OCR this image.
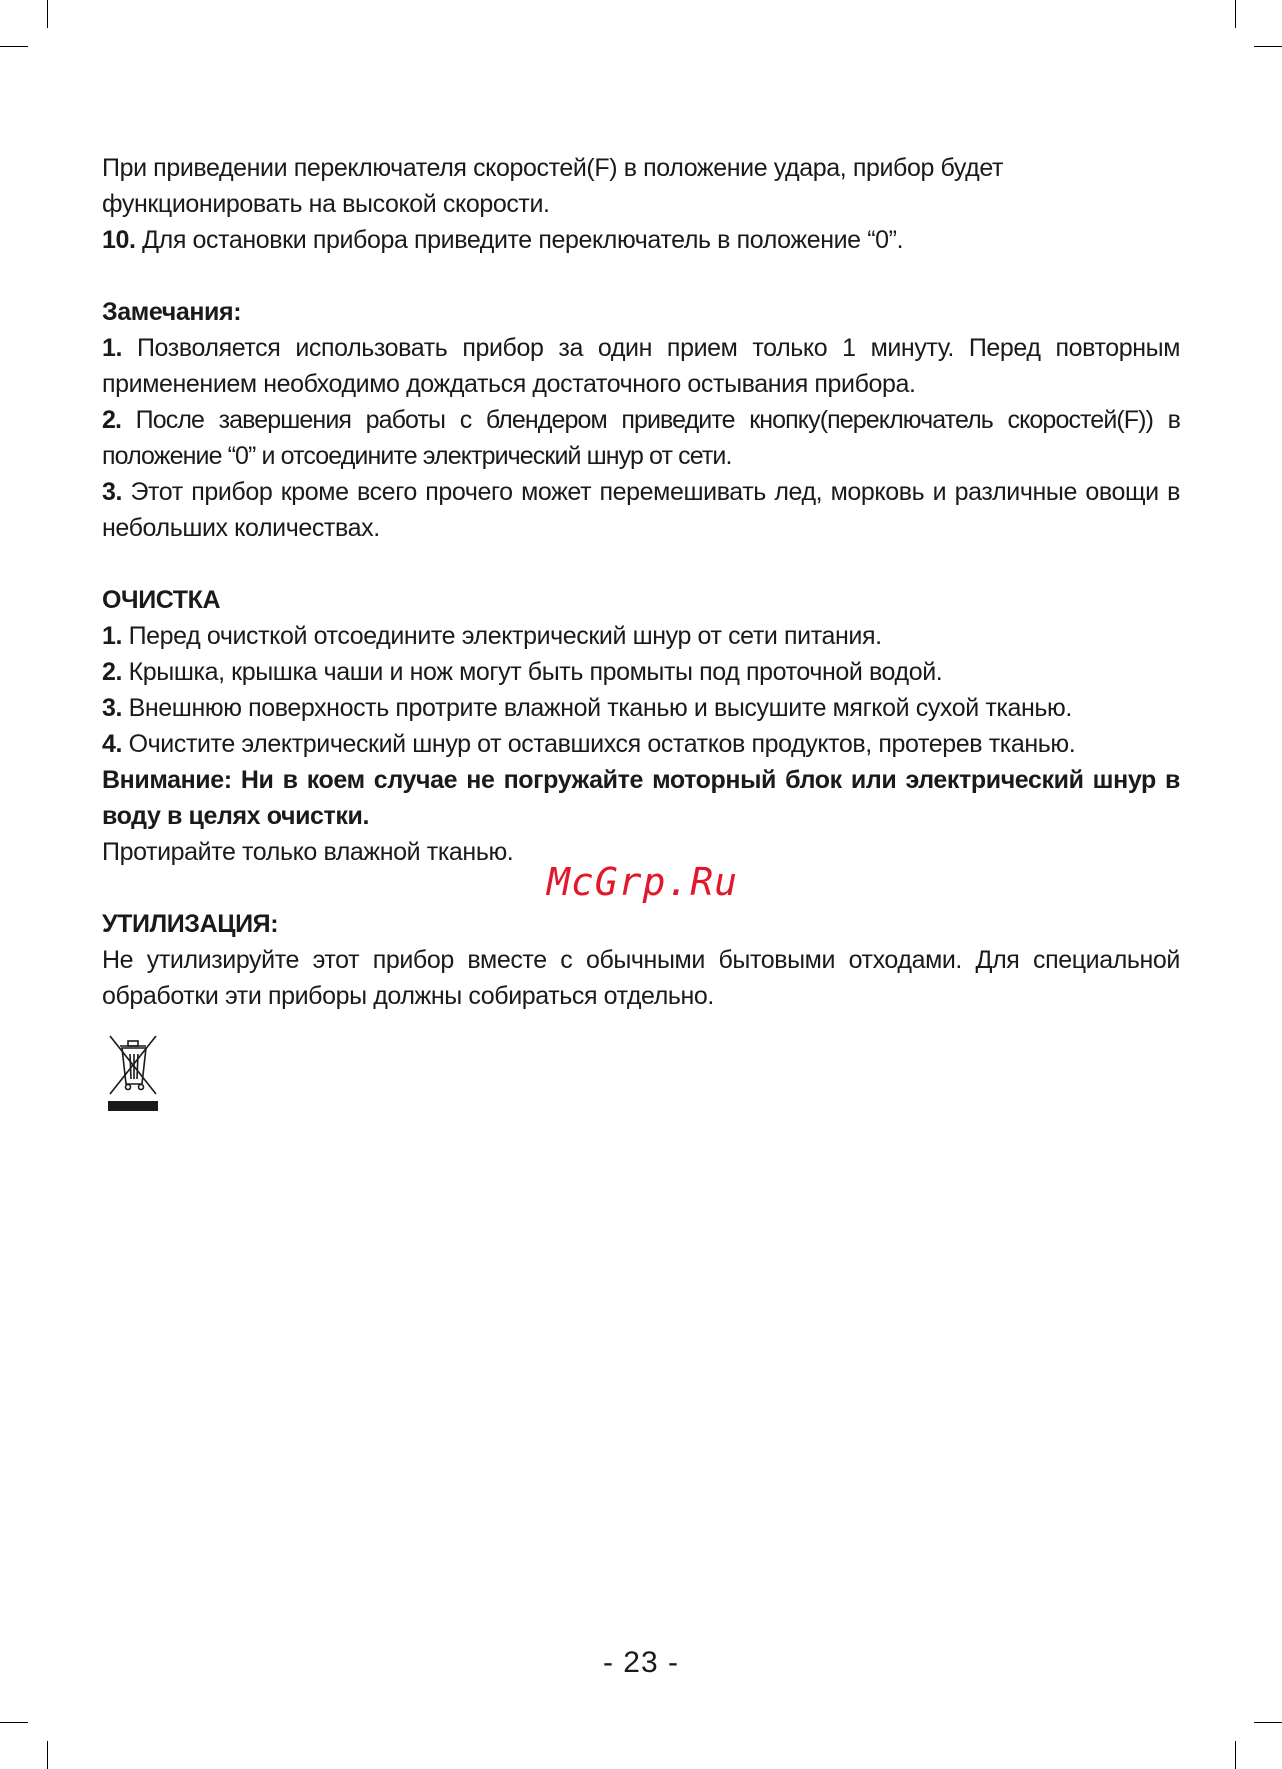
При приведении переключателя скоростей(F) в положение удара, прибор будет функционировать на высокой скорости.

10. Для остановки прибора приведите переключатель в положение “0”.

Замечания:

1. Позволяется использовать прибор за один прием только 1 минуту. Перед повторным применением необходимо дождаться достаточного остывания прибора.

2. После завершения работы с блендером приведите кнопку(переключатель скоростей(F)) в положение “0” и отсоедините электрический шнур от сети.

3. Этот прибор кроме всего прочего может перемешивать лед, морковь и различные овощи в небольших количествах.

ОЧИСТКА

1. Перед очисткой отсоедините электрический шнур от сети питания.

2. Крышка, крышка чаши и нож могут быть промыты под проточной водой.

3. Внешнюю поверхность протрите влажной тканью и высушите мягкой сухой тканью.

4. Очистите электрический шнур от оставшихся остатков продуктов, протерев тканью.

Внимание: Ни в коем случае не погружайте моторный блок или электрический шнур в воду в целях очистки.

Протирайте только влажной тканью.

УТИЛИЗАЦИЯ:

Не утилизируйте этот прибор вместе с обычными бытовыми отходами. Для специальной обработки эти приборы должны собираться отдельно.

McGrp.Ru
- 23 -
